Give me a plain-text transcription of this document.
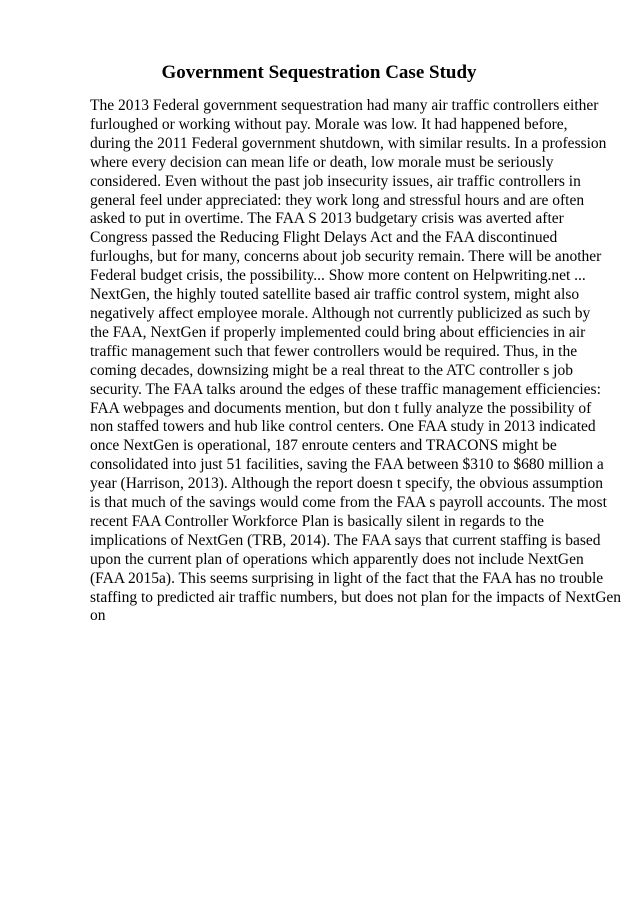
Government Sequestration Case Study
The 2013 Federal government sequestration had many air traffic controllers either
furloughed or working without pay. Morale was low. It had happened before,
during the 2011 Federal government shutdown, with similar results. In a profession
where every decision can mean life or death, low morale must be seriously
considered. Even without the past job insecurity issues, air traffic controllers in
general feel under appreciated: they work long and stressful hours and are often
asked to put in overtime. The FAA S 2013 budgetary crisis was averted after
Congress passed the Reducing Flight Delays Act and the FAA discontinued
furloughs, but for many, concerns about job security remain. There will be another
Federal budget crisis, the possibility... Show more content on Helpwriting.net ...
NextGen, the highly touted satellite based air traffic control system, might also
negatively affect employee morale. Although not currently publicized as such by
the FAA, NextGen if properly implemented could bring about efficiencies in air
traffic management such that fewer controllers would be required. Thus, in the
coming decades, downsizing might be a real threat to the ATC controller s job
security. The FAA talks around the edges of these traffic management efficiencies:
FAA webpages and documents mention, but don t fully analyze the possibility of
non staffed towers and hub like control centers. One FAA study in 2013 indicated
once NextGen is operational, 187 enroute centers and TRACONS might be
consolidated into just 51 facilities, saving the FAA between $310 to $680 million a
year (Harrison, 2013). Although the report doesn t specify, the obvious assumption
is that much of the savings would come from the FAA s payroll accounts. The most
recent FAA Controller Workforce Plan is basically silent in regards to the
implications of NextGen (TRB, 2014). The FAA says that current staffing is based
upon the current plan of operations which apparently does not include NextGen
(FAA 2015a). This seems surprising in light of the fact that the FAA has no trouble
staffing to predicted air traffic numbers, but does not plan for the impacts of NextGen
on
